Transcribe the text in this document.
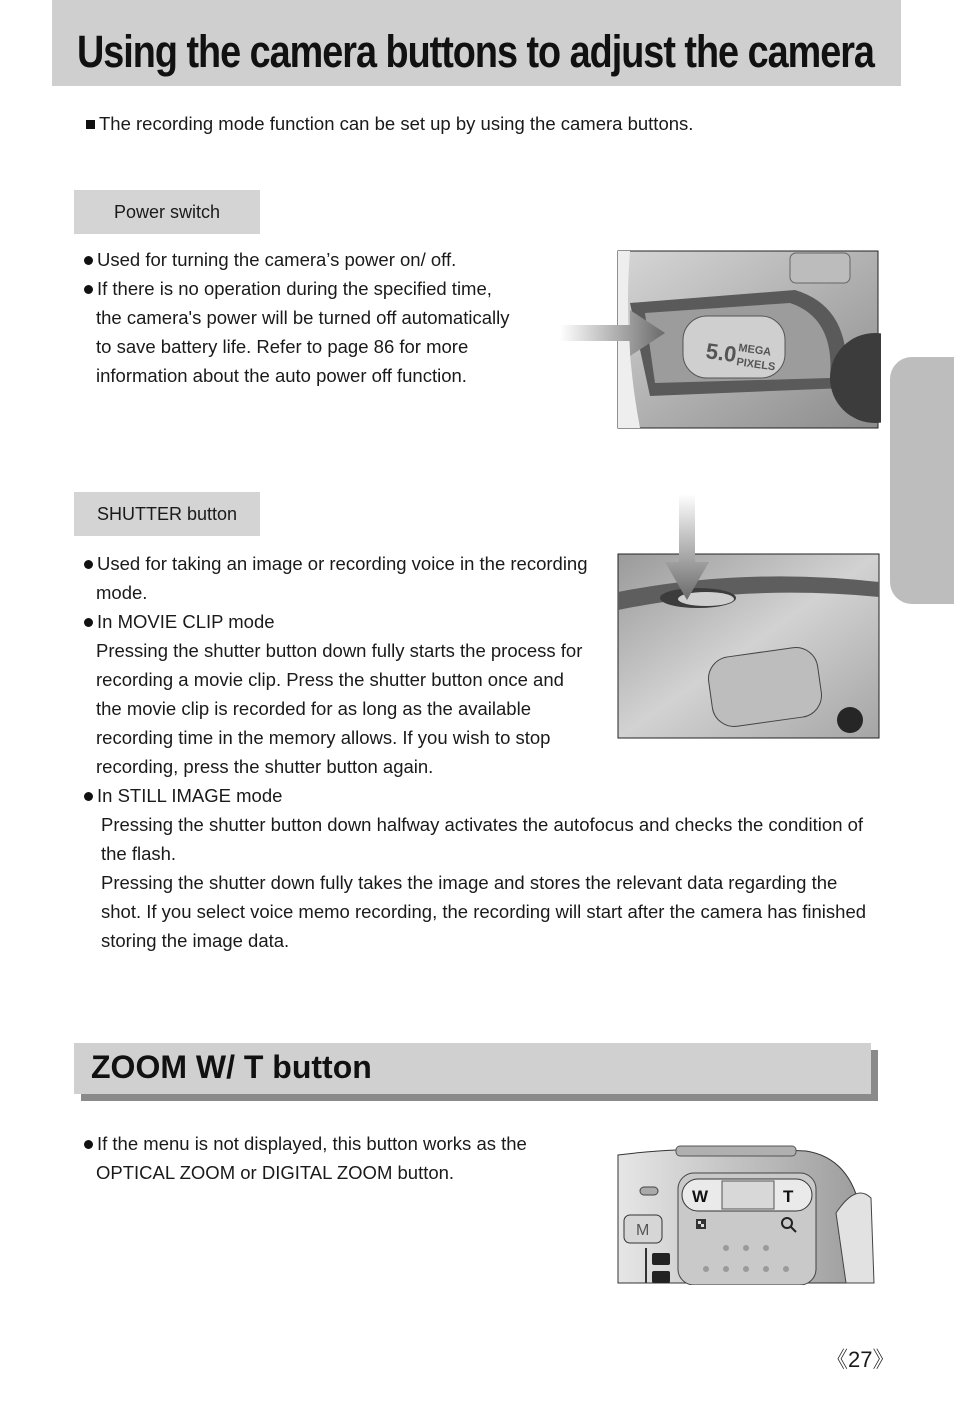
Using the camera buttons to adjust the camera
The recording mode function can be set up by using the camera buttons.
Power switch

Used for turning the camera’s power on/ off.

If there is no operation during the specified time,

the camera's power will be turned off automatically

to save battery life. Refer to page 86 for more

information about the auto power off function.

5.0 MEGA
PIXELS
SHUTTER button

Used for taking an image or recording voice in the recording

mode.

In MOVIE CLIP mode

Pressing the shutter button down fully starts the process for

recording a movie clip. Press the shutter button once and

the movie clip is recorded for as long as the available

recording time in the memory allows. If you wish to stop

recording, press the shutter button again.

In STILL IMAGE mode

Pressing the shutter button down halfway activates the autofocus and checks the condition of

the flash.

Pressing the shutter down fully takes the image and stores the relevant data regarding the

shot. If you select voice memo recording, the recording will start after the camera has finished

storing the image data.

ZOOM W/ T button

If the menu is not displayed, this button works as the

OPTICAL ZOOM or DIGITAL ZOOM button.

W	T
M
《27》
